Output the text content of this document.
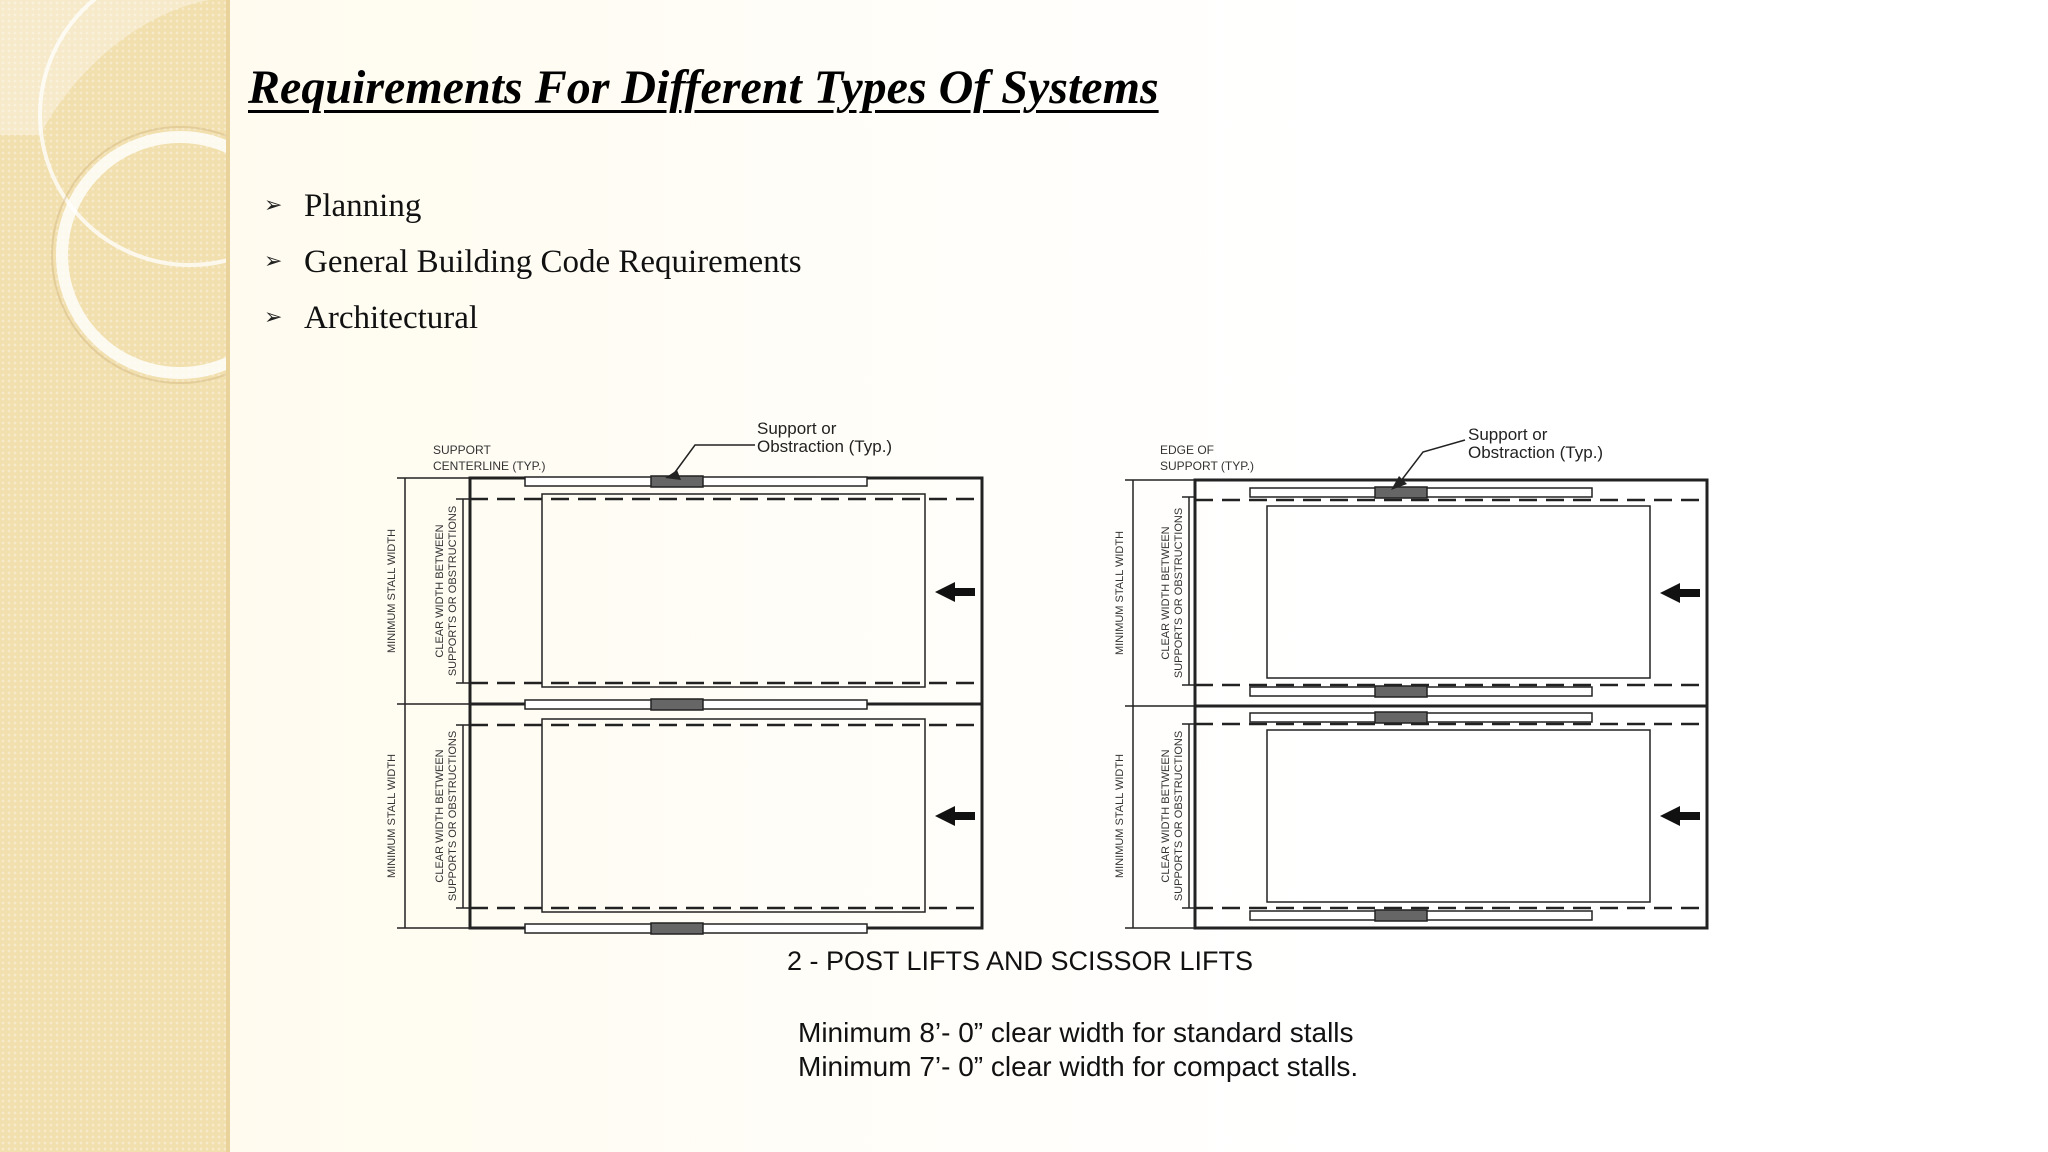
Requirements For Different Types Of Systems
➢ Planning
➢ General Building Code Requirements
➢ Architectural
SUPPORT
CENTERLINE (TYP.)
Support or
Obstraction (Typ.)
MINIMUM STALL WIDTH
MINIMUM STALL WIDTH
CLEAR WIDTH BETWEEN SUPPORTS OR OBSTRUCTIONS
CLEAR WIDTH BETWEEN SUPPORTS OR OBSTRUCTIONS
EDGE OF
SUPPORT (TYP.)
Support or
Obstraction (Typ.)
MINIMUM STALL WIDTH
MINIMUM STALL WIDTH
CLEAR WIDTH BETWEEN SUPPORTS OR OBSTRUCTIONS
CLEAR WIDTH BETWEEN SUPPORTS OR OBSTRUCTIONS
2 - POST LIFTS AND SCISSOR LIFTS
Minimum 8’- 0” clear width for standard stalls
Minimum 7’- 0” clear width for compact stalls.
